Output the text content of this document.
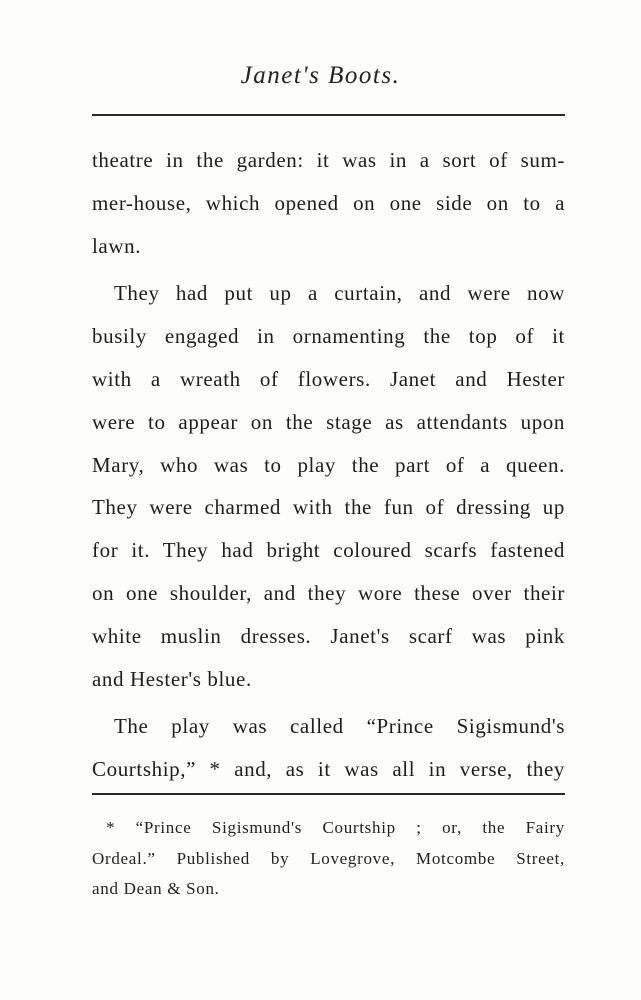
Janet's Boots.
theatre in the garden: it was in a sort of sum-
mer-house, which opened on one side on to a
lawn.
They had put up a curtain, and were now
busily engaged in ornamenting the top of it
with a wreath of flowers. Janet and Hester
were to appear on the stage as attendants upon
Mary, who was to play the part of a queen.
They were charmed with the fun of dressing up
for it. They had bright coloured scarfs fastened
on one shoulder, and they wore these over their
white muslin dresses. Janet's scarf was pink
and Hester's blue.
The play was called “Prince Sigismund's
Courtship,” * and, as it was all in verse, they
* “Prince Sigismund's Courtship ; or, the Fairy
Ordeal.” Published by Lovegrove, Motcombe Street,
and Dean & Son.
